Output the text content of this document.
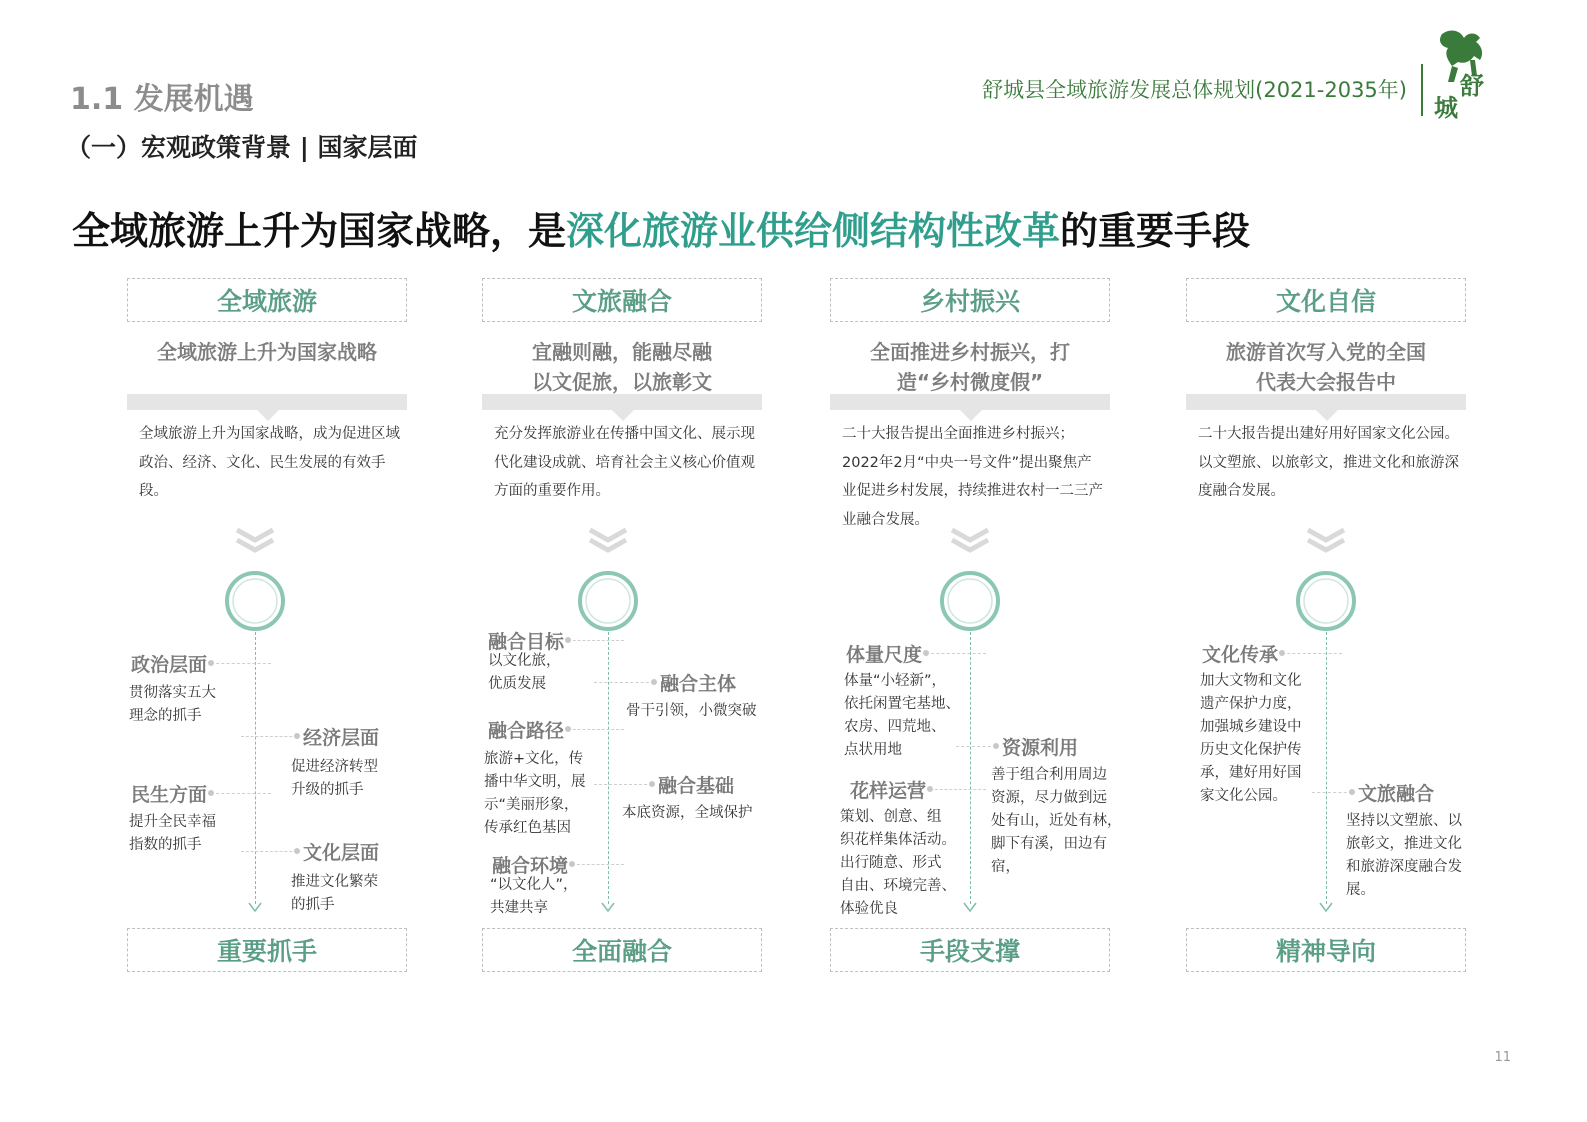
1.1 发展机遇
（一）宏观政策背景 | 国家层面
舒城县全域旅游发展总体规划(2021-2035年) 舒
城
全域旅游上升为国家战略，是深化旅游业供给侧结构性改革的重要手段
全域旅游
全域旅游上升为国家战略
全域旅游上升为国家战略，成为促进区域政治、经济、文化、民生发展的有效手段。
政治层面
贯彻落实五大
理念的抓手
经济层面
促进经济转型
升级的抓手
民生方面
提升全民幸福
指数的抓手	文化层面
推进文化繁荣
的抓手
重要抓手
文旅融合
宜融则融，能融尽融
以文促旅，以旅彰文
充分发挥旅游业在传播中国文化、展示现代化建设成就、培育社会主义核心价值观方面的重要作用。
融合目标
以文化旅，
优质发展	融合主体
骨干引领，小微突破
融合路径
旅游+文化，传
播中华文明，展
示“美丽形象，
传承红色基因
融合基础
本底资源，全域保护
融合环境
“以文化人”，
共建共享
全面融合
乡村振兴
全面推进乡村振兴，打
造“乡村微度假”
二十大报告提出全面推进乡村振兴；2022年2月“中央一号文件”提出聚焦产业促进乡村发展，持续推进农村一二三产业融合发展。
体量尺度
体量“小轻新”，
依托闲置宅基地、
农房、四荒地、
点状用地	资源利用
善于组合利用周边
资源，尽力做到远
处有山，近处有林，
脚下有溪，田边有
宿，
花样运营
策划、创意、组
织花样集体活动。
出行随意、形式
自由、环境完善、
体验优良
手段支撑
文化自信
旅游首次写入党的全国
代表大会报告中
二十大报告提出建好用好国家文化公园。以文塑旅、以旅彰文，推进文化和旅游深度融合发展。
文化传承
加大文物和文化
遗产保护力度，
加强城乡建设中
历史文化保护传
承，建好用好国
家文化公园。	文旅融合
坚持以文塑旅、以
旅彰文，推进文化
和旅游深度融合发
展。
精神导向
11
